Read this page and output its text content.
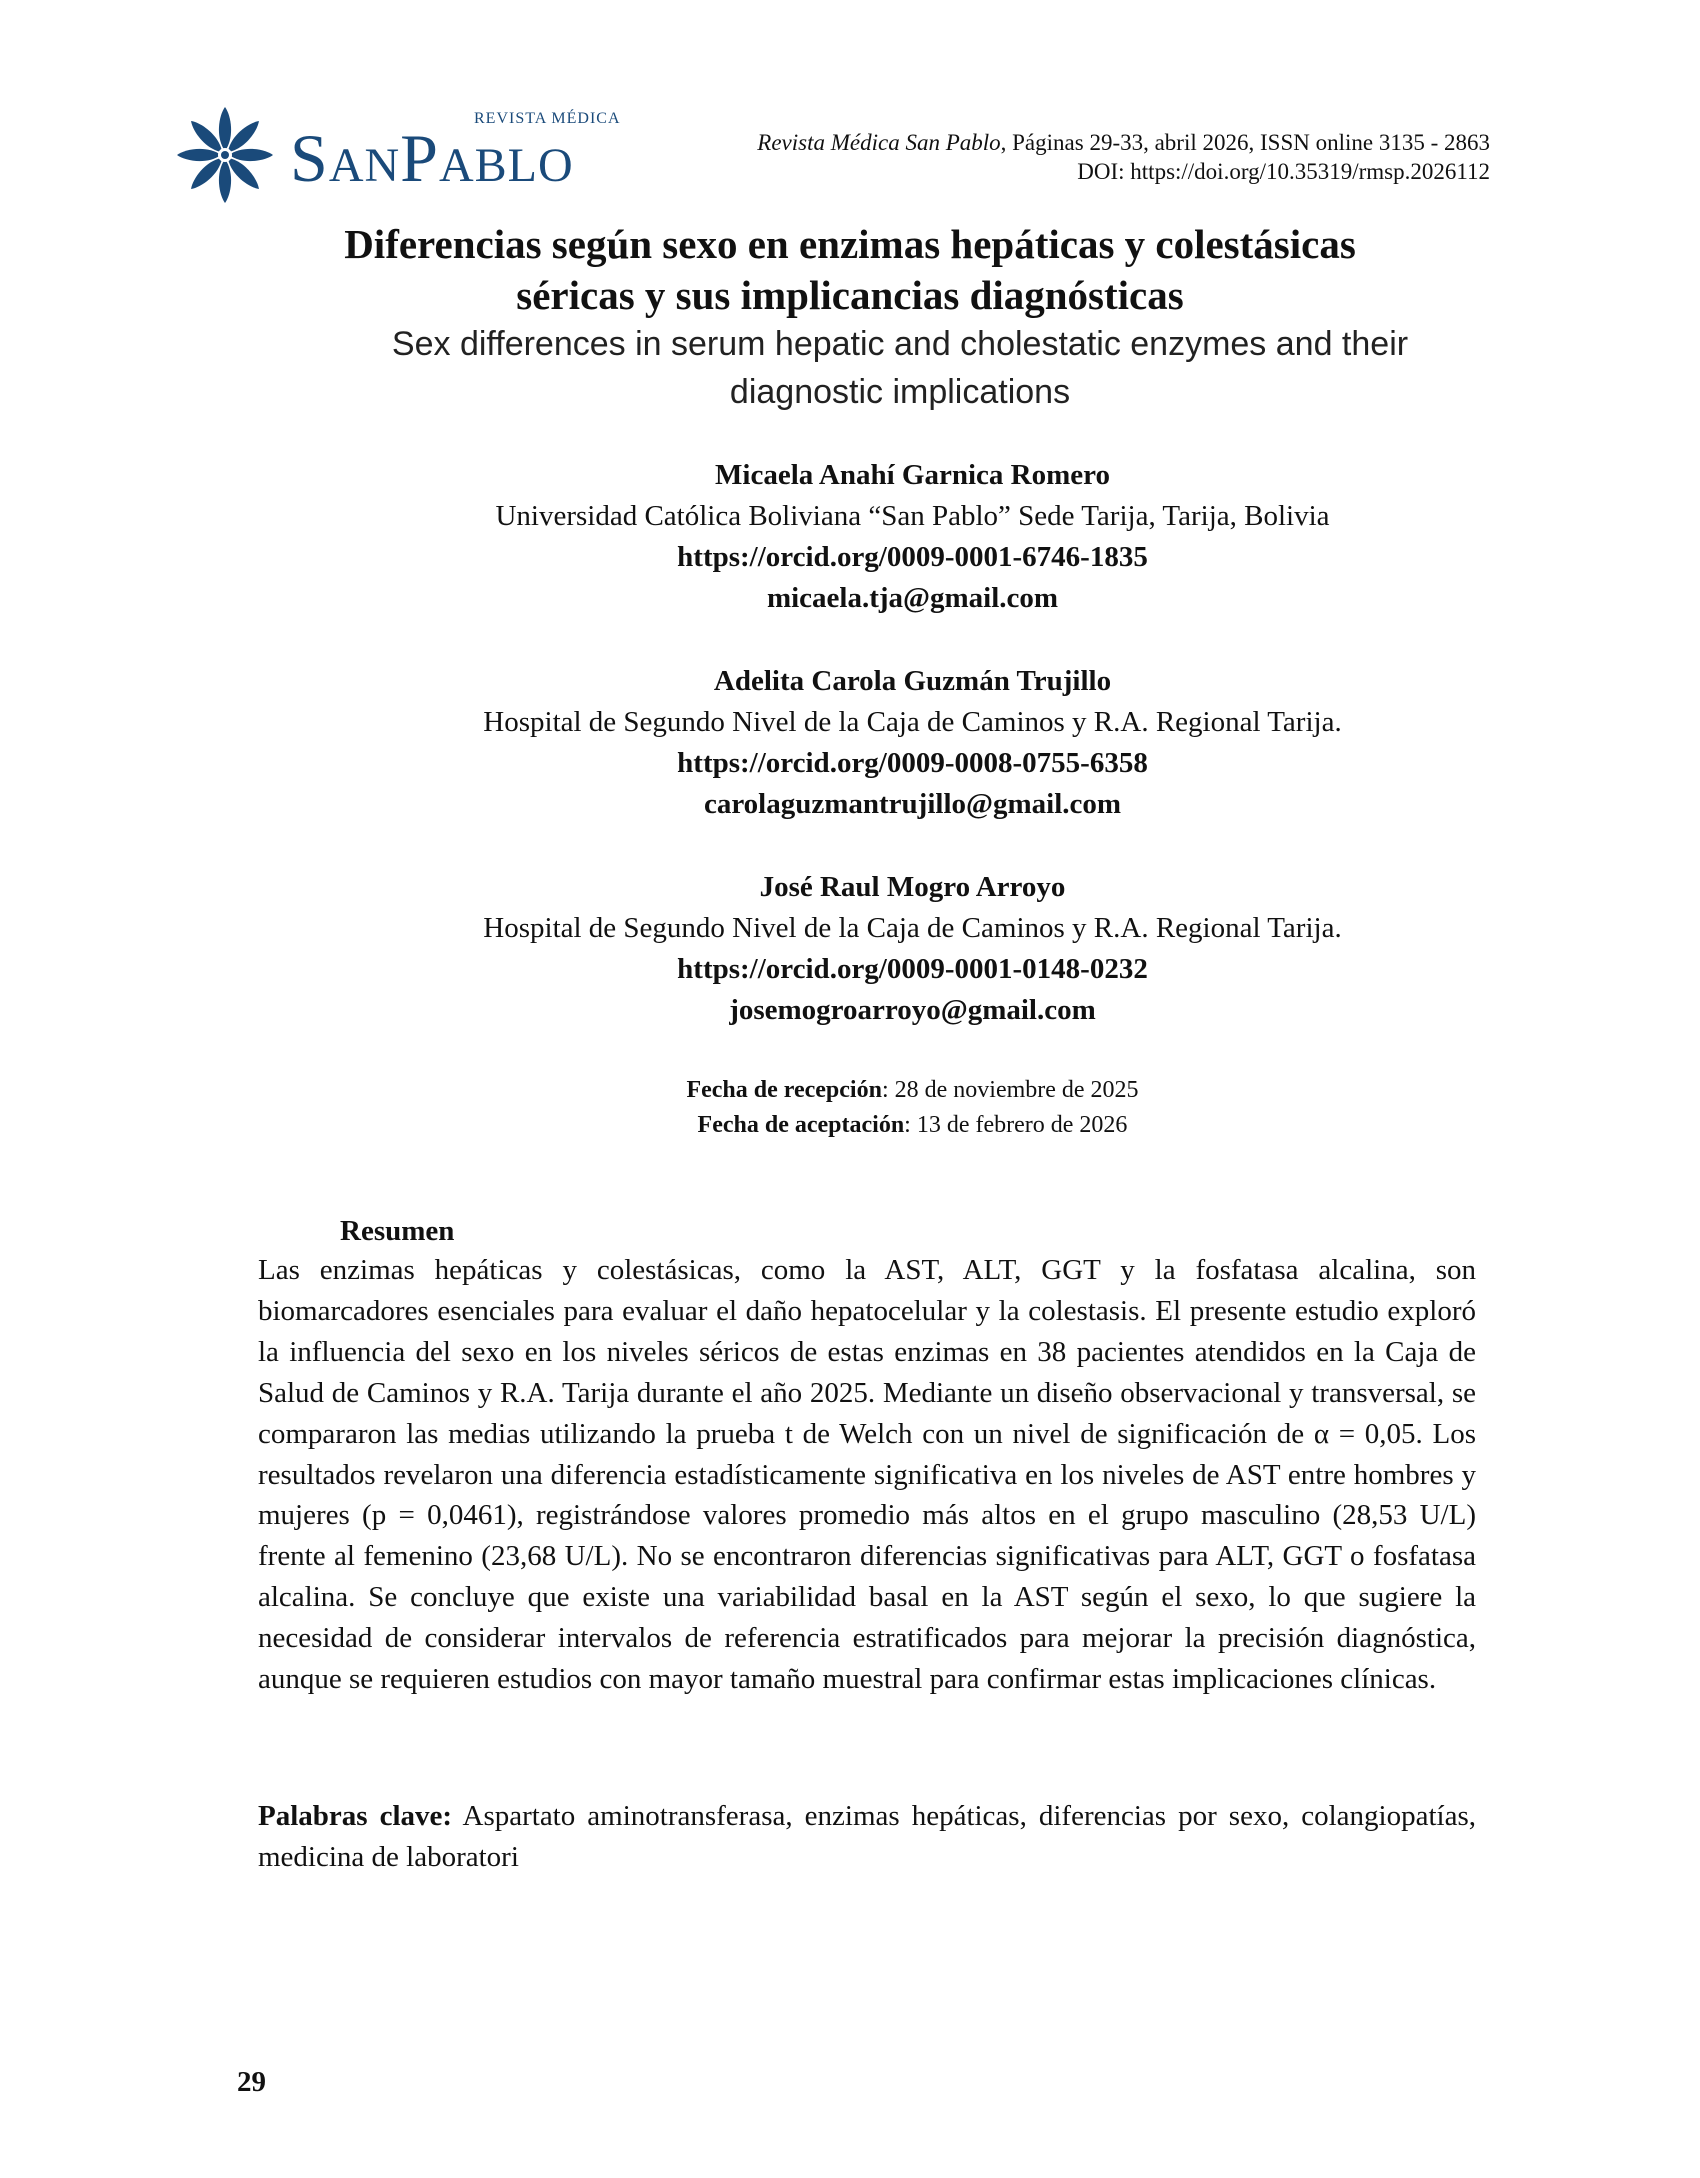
REVISTA MÉDICA
SanPablo	Revista Médica San Pablo, Páginas 29-33, abril 2026, ISSN online 3135 - 2863
DOI: https://doi.org/10.35319/rmsp.2026112
Diferencias según sexo en enzimas hepáticas y colestásicas
séricas y sus implicancias diagnósticas
Sex differences in serum hepatic and cholestatic enzymes and their
diagnostic implications
Micaela Anahí Garnica Romero
Universidad Católica Boliviana “San Pablo” Sede Tarija, Tarija, Bolivia
https://orcid.org/0009-0001-6746-1835
micaela.tja@gmail.com
Adelita Carola Guzmán Trujillo
Hospital de Segundo Nivel de la Caja de Caminos y R.A. Regional Tarija.
https://orcid.org/0009-0008-0755-6358
carolaguzmantrujillo@gmail.com
José Raul Mogro Arroyo
Hospital de Segundo Nivel de la Caja de Caminos y R.A. Regional Tarija.
https://orcid.org/0009-0001-0148-0232
josemogroarroyo@gmail.com
Fecha de recepción: 28 de noviembre de 2025
Fecha de aceptación: 13 de febrero de 2026
Resumen
Las enzimas hepáticas y colestásicas, como la AST, ALT, GGT y la fosfatasa alcalina, son biomarcadores esenciales para evaluar el daño hepatocelular y la colestasis. El presente estudio exploró la influencia del sexo en los niveles séricos de estas enzimas en 38 pacientes atendidos en la Caja de Salud de Caminos y R.A. Tarija durante el año 2025. Mediante un diseño observacional y transversal, se compararon las medias utilizando la prueba t de Welch con un nivel de significación de α = 0,05. Los resultados revelaron una diferencia estadísticamente significativa en los niveles de AST entre hombres y mujeres (p = 0,0461), registrándose valores promedio más altos en el grupo masculino (28,53 U/L) frente al femenino (23,68 U/L). No se encontraron diferencias significativas para ALT, GGT o fosfatasa alcalina. Se concluye que existe una variabilidad basal en la AST según el sexo, lo que sugiere la necesidad de considerar intervalos de referencia estratificados para mejorar la precisión diagnóstica, aunque se requieren estudios con mayor tamaño muestral para confirmar estas implicaciones clínicas.
Palabras clave: Aspartato aminotransferasa, enzimas hepáticas, diferencias por sexo, colangiopatías, medicina de laboratori
29
